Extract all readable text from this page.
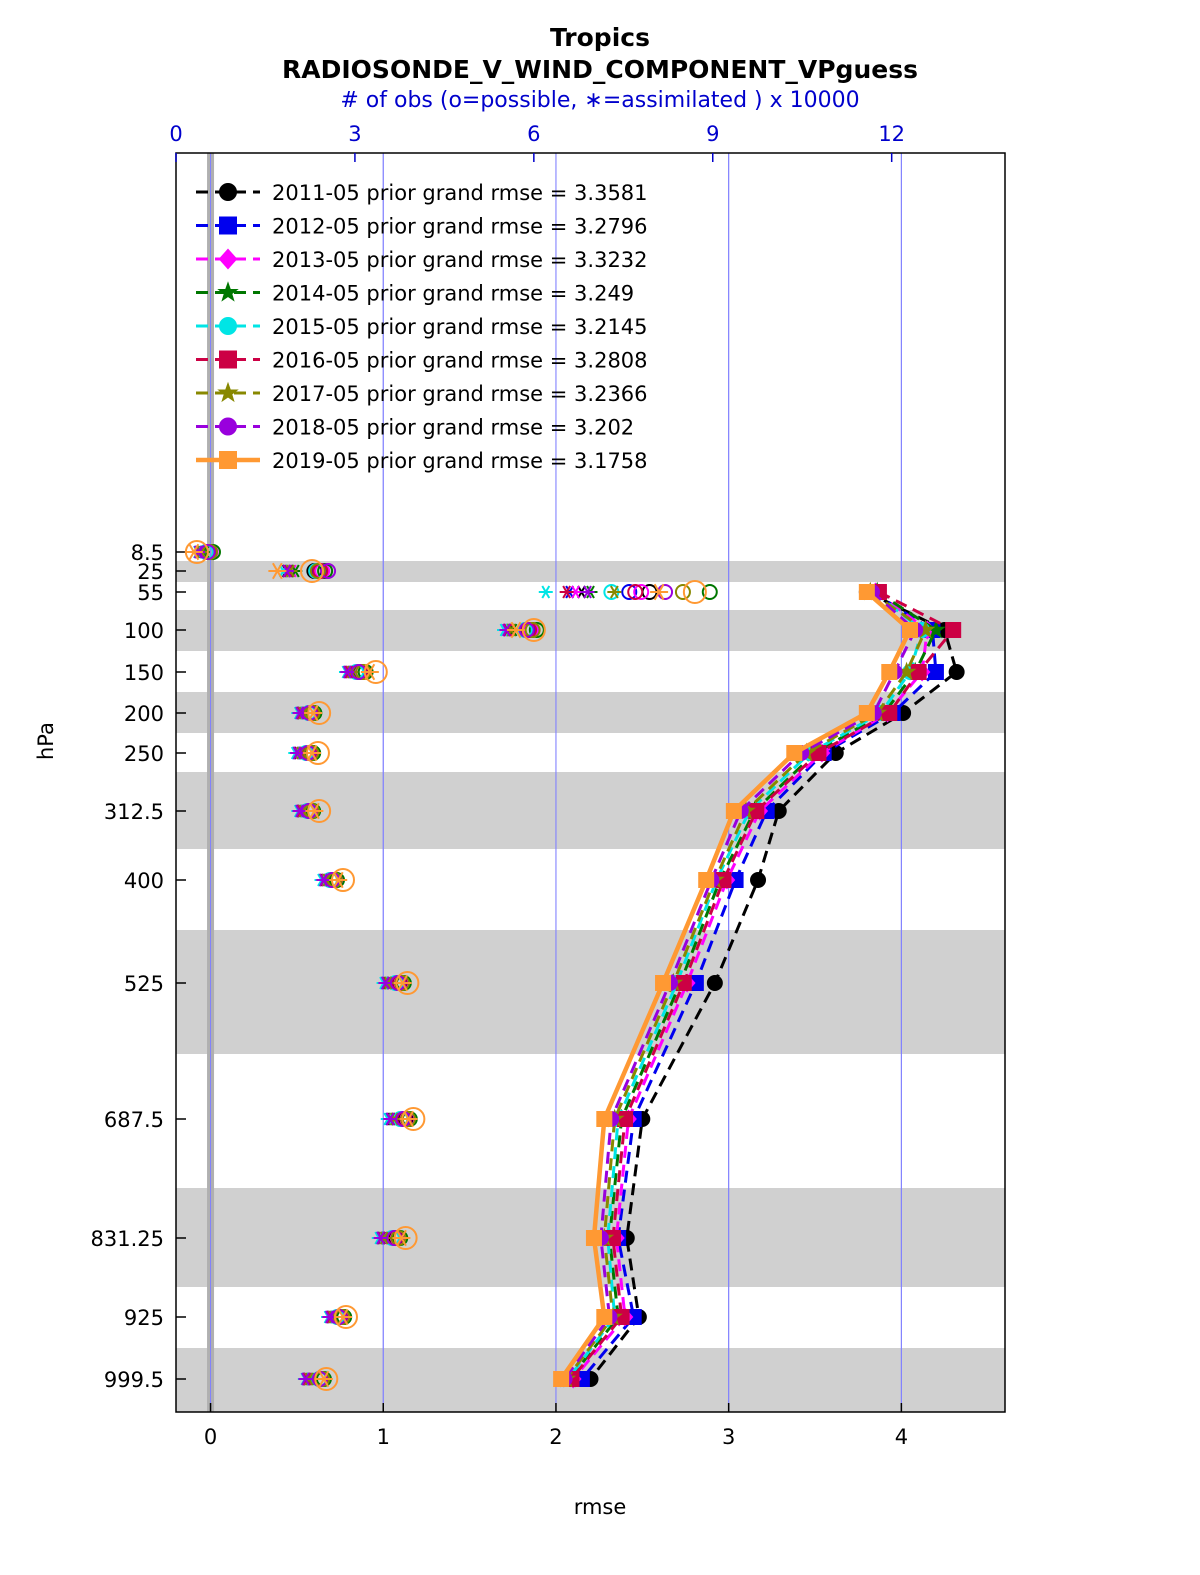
Tropics
RADIOSONDE_V_WIND_COMPONENT_VPguess
# of obs (o=possible, ∗=assimilated ) x 10000
hPa
rmse
0	1	2	3	4
0	3	6	9	12
8.5
25
55
100
150
200
250
312.5
400
525
687.5
831.25
925
999.5
2011-05 prior grand rmse = 3.3581
2012-05 prior grand rmse = 3.2796
2013-05 prior grand rmse = 3.3232
2014-05 prior grand rmse = 3.249
2015-05 prior grand rmse = 3.2145
2016-05 prior grand rmse = 3.2808
2017-05 prior grand rmse = 3.2366
2018-05 prior grand rmse = 3.202
2019-05 prior grand rmse = 3.1758
